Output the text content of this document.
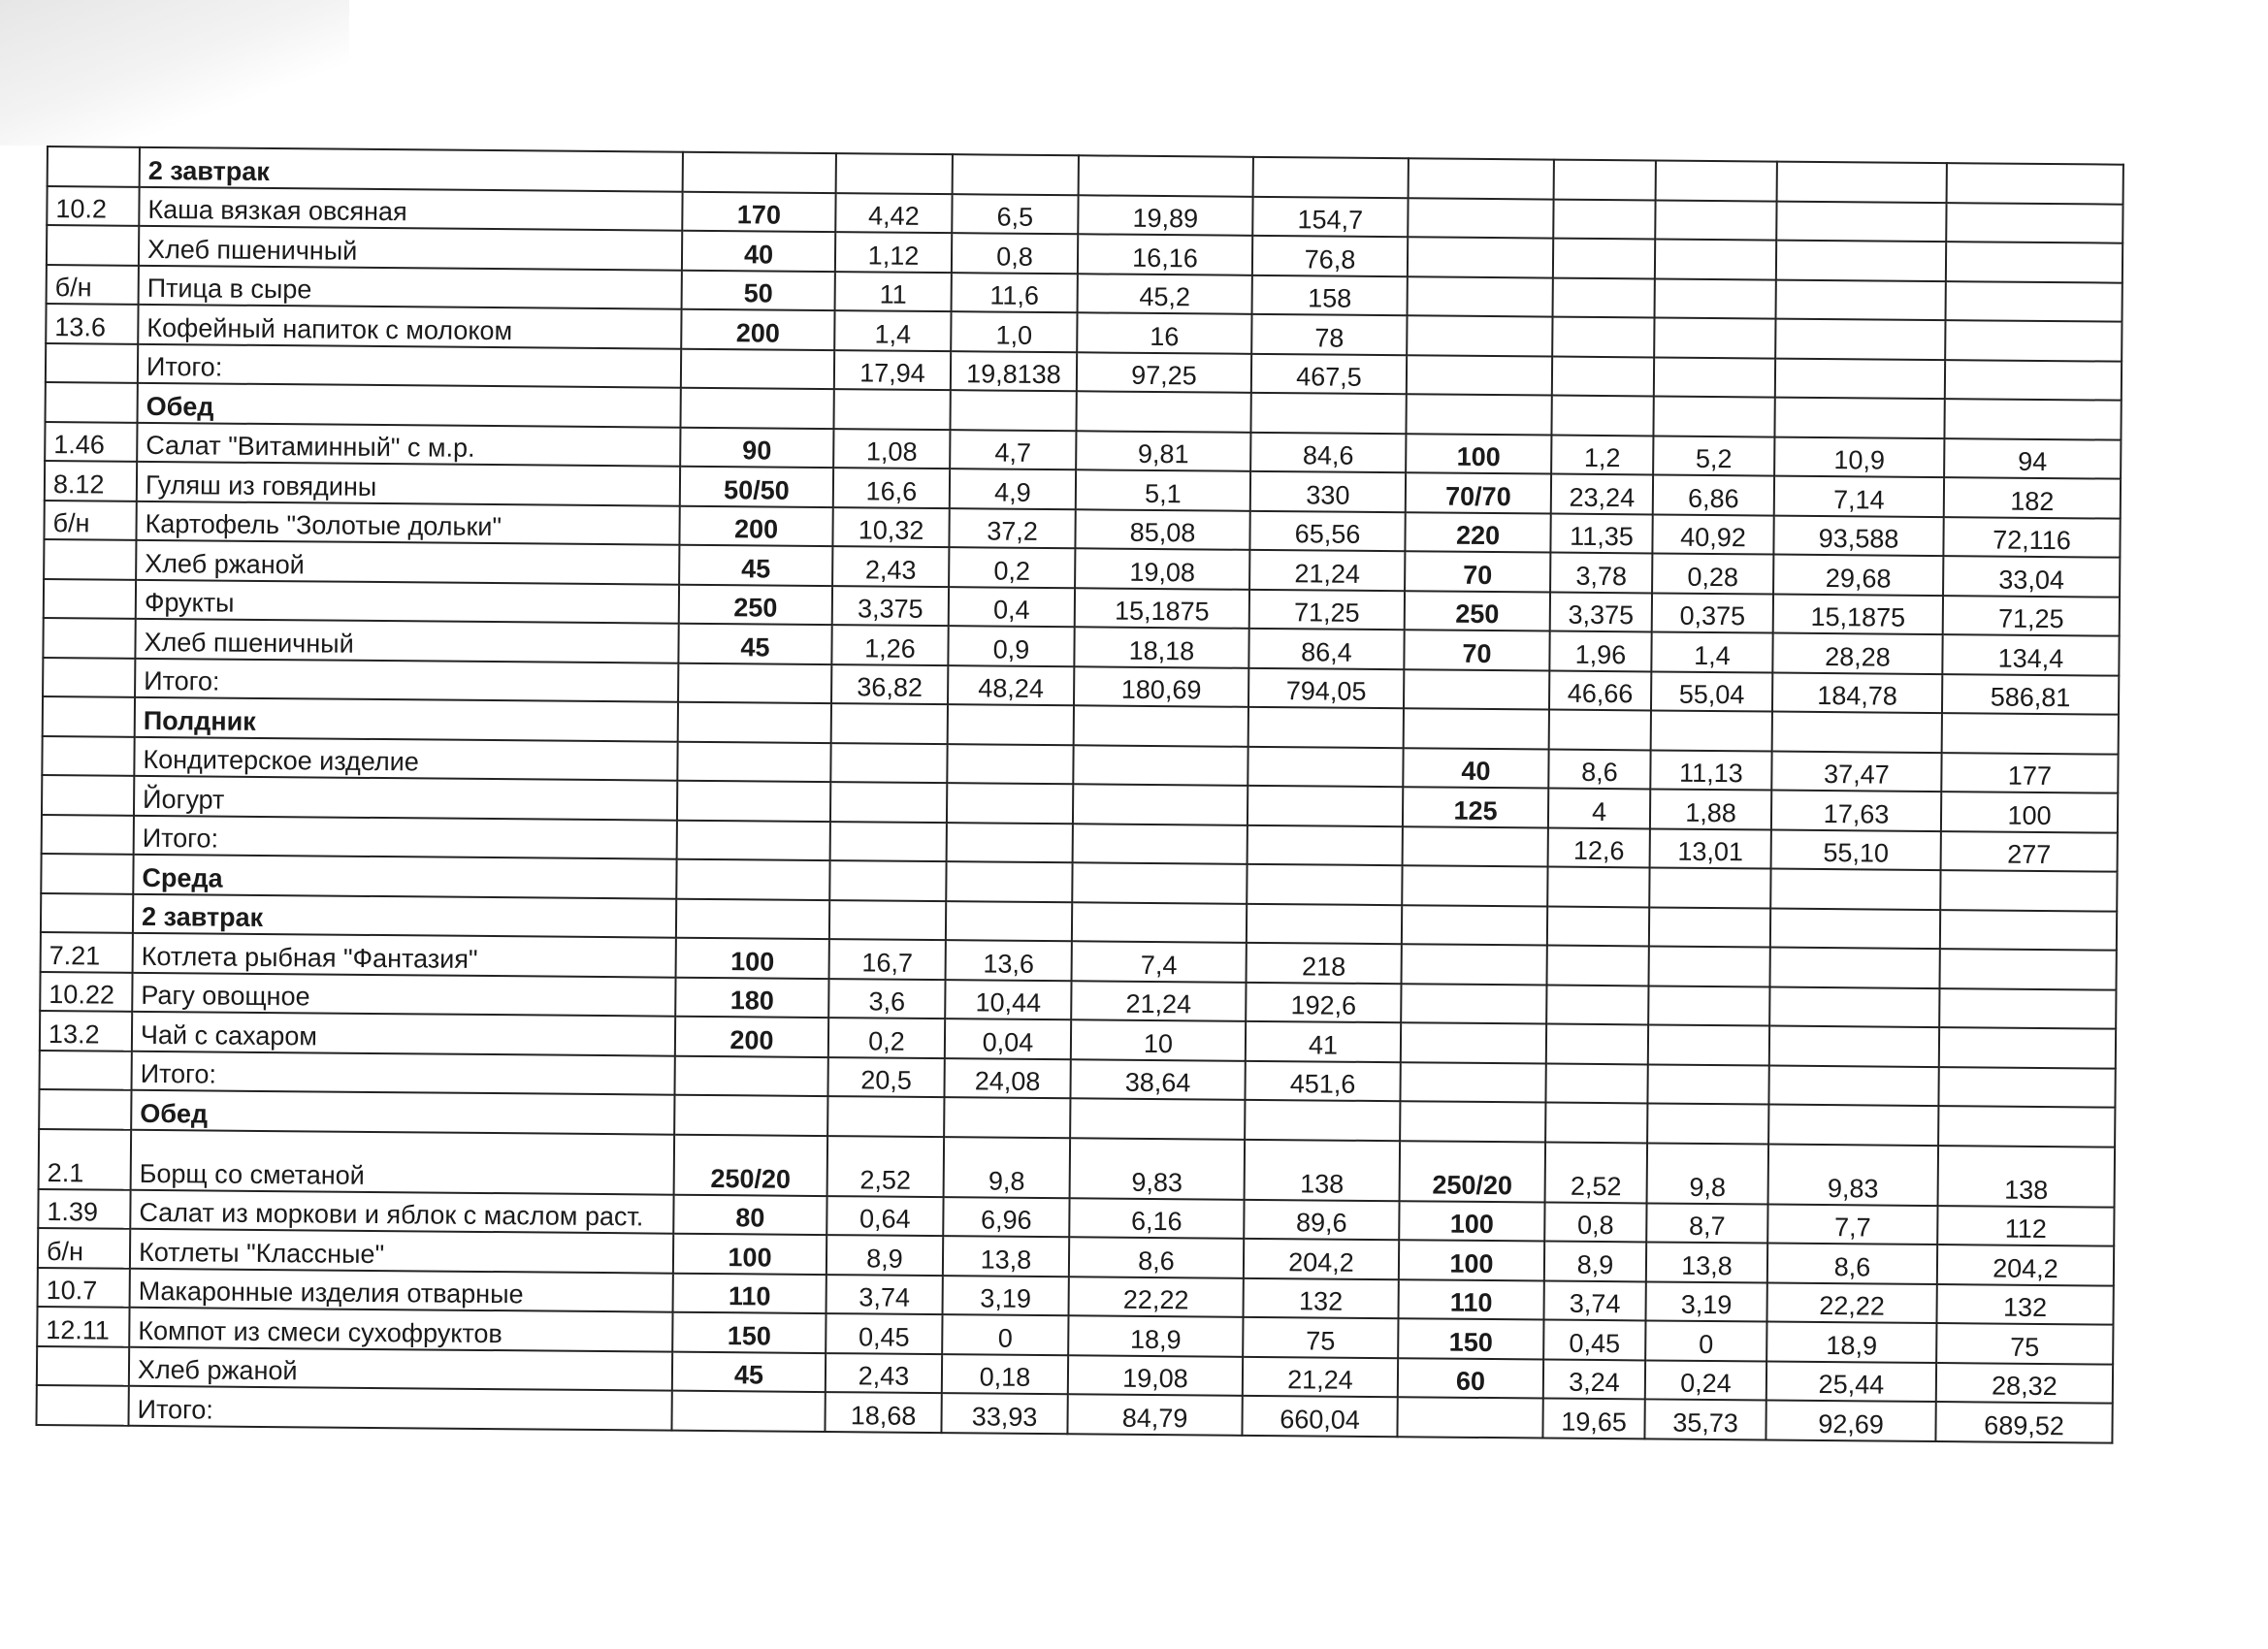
	2 завтрак										
10.2	Каша вязкая овсяная	170	4,42	6,5	19,89	154,7					
	Хлеб пшеничный	40	1,12	0,8	16,16	76,8					
б/н	Птица в сыре	50	11	11,6	45,2	158					
13.6	Кофейный напиток с молоком	200	1,4	1,0	16	78					
	Итого:		17,94	19,8138	97,25	467,5					
	Обед										
1.46	Салат "Витаминный" с м.р.	90	1,08	4,7	9,81	84,6	100	1,2	5,2	10,9	94
8.12	Гуляш из говядины	50/50	16,6	4,9	5,1	330	70/70	23,24	6,86	7,14	182
б/н	Картофель "Золотые дольки"	200	10,32	37,2	85,08	65,56	220	11,35	40,92	93,588	72,116
	Хлеб ржаной	45	2,43	0,2	19,08	21,24	70	3,78	0,28	29,68	33,04
	Фрукты	250	3,375	0,4	15,1875	71,25	250	3,375	0,375	15,1875	71,25
	Хлеб пшеничный	45	1,26	0,9	18,18	86,4	70	1,96	1,4	28,28	134,4
	Итого:		36,82	48,24	180,69	794,05		46,66	55,04	184,78	586,81
	Полдник										
	Кондитерское изделие						40	8,6	11,13	37,47	177
	Йогурт						125	4	1,88	17,63	100
	Итого:							12,6	13,01	55,10	277
	Среда										
	2 завтрак										
7.21	Котлета рыбная "Фантазия"	100	16,7	13,6	7,4	218					
10.22	Рагу овощное	180	3,6	10,44	21,24	192,6					
13.2	Чай с сахаром	200	0,2	0,04	10	41					
	Итого:		20,5	24,08	38,64	451,6					
	Обед										
2.1	Борщ со сметаной	250/20	2,52	9,8	9,83	138	250/20	2,52	9,8	9,83	138
1.39	Салат из моркови и яблок с маслом раст.	80	0,64	6,96	6,16	89,6	100	0,8	8,7	7,7	112
б/н	Котлеты "Классные"	100	8,9	13,8	8,6	204,2	100	8,9	13,8	8,6	204,2
10.7	Макаронные изделия отварные	110	3,74	3,19	22,22	132	110	3,74	3,19	22,22	132
12.11	Компот из смеси сухофруктов	150	0,45	0	18,9	75	150	0,45	0	18,9	75
	Хлеб ржаной	45	2,43	0,18	19,08	21,24	60	3,24	0,24	25,44	28,32
	Итого:		18,68	33,93	84,79	660,04		19,65	35,73	92,69	689,52
